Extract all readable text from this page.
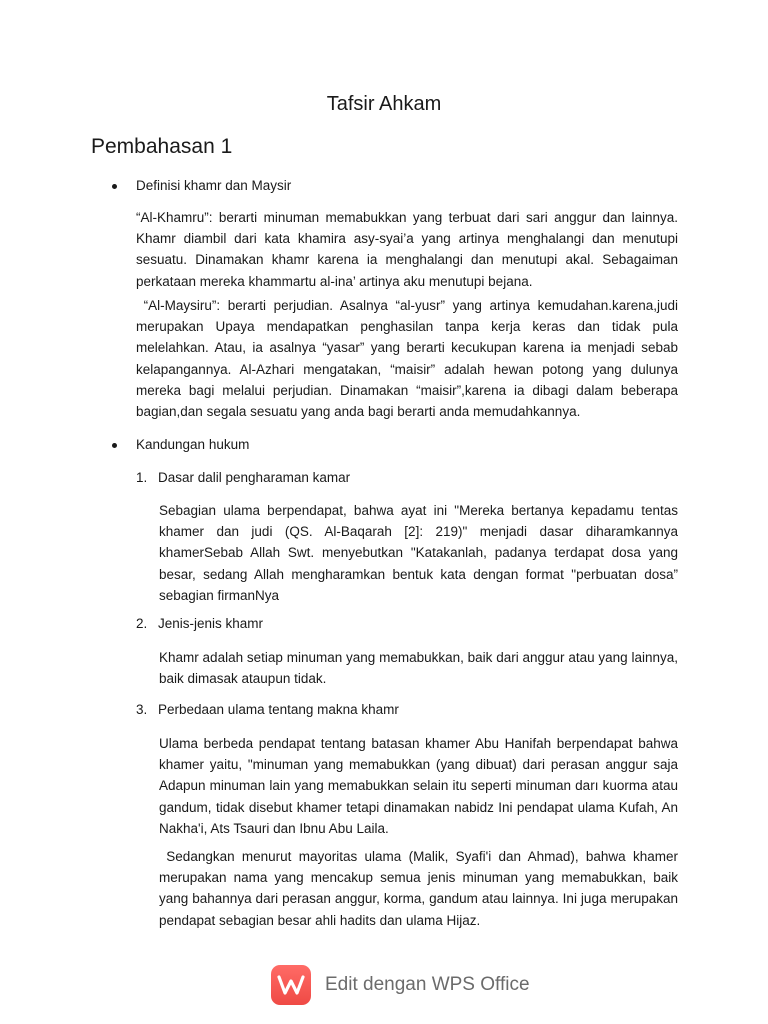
Tafsir Ahkam
Pembahasan 1
Definisi khamr dan Maysir

“Al-Khamru”: berarti minuman memabukkan yang terbuat dari sari anggur dan lainnya. Khamr diambil dari kata khamira asy-syai’a yang artinya menghalangi dan menutupi sesuatu. Dinamakan khamr karena ia menghalangi dan menutupi akal. Sebagaiman perkataan mereka khammartu al-ina’ artinya aku menutupi bejana.

“Al-Maysiru”: berarti perjudian. Asalnya “al-yusr” yang artinya kemudahan.karena,judi merupakan Upaya mendapatkan penghasilan tanpa kerja keras dan tidak pula melelahkan. Atau, ia asalnya “yasar” yang berarti kecukupan karena ia menjadi sebab kelapangannya. Al-Azhari mengatakan, “maisir” adalah hewan potong yang dulunya mereka bagi melalui perjudian. Dinamakan “maisir”,karena ia dibagi dalam beberapa bagian,dan segala sesuatu yang anda bagi berarti anda memudahkannya.

Kandungan hukum
1. Dasar dalil pengharaman kamar

Sebagian ulama berpendapat, bahwa ayat ini "Mereka bertanya kepadamu tentas khamer dan judi (QS. Al-Baqarah [2]: 219)" menjadi dasar diharamkannya khamerSebab Allah Swt. menyebutkan "Katakanlah, padanya terdapat dosa yang besar, sedang Allah mengharamkan bentuk kata dengan format "perbuatan dosa” sebagian firmanNya

2. Jenis-jenis khamr

Khamr adalah setiap minuman yang memabukkan, baik dari anggur atau yang lainnya, baik dimasak ataupun tidak.

3. Perbedaan ulama tentang makna khamr

Ulama berbeda pendapat tentang batasan khamer Abu Hanifah berpendapat bahwa khamer yaitu, "minuman yang memabukkan (yang dibuat) dari perasan anggur saja Adapun minuman lain yang memabukkan selain itu seperti minuman darı kuorma atau gandum, tidak disebut khamer tetapi dinamakan nabidz Ini pendapat ulama Kufah, An Nakha'i, Ats Tsauri dan Ibnu Abu Laila.

Sedangkan menurut mayoritas ulama (Malik, Syafi'i dan Ahmad), bahwa khamer merupakan nama yang mencakup semua jenis minuman yang memabukkan, baik yang bahannya dari perasan anggur, korma, gandum atau lainnya. Ini juga merupakan pendapat sebagian besar ahli hadits dan ulama Hijaz.

Edit dengan WPS Office
